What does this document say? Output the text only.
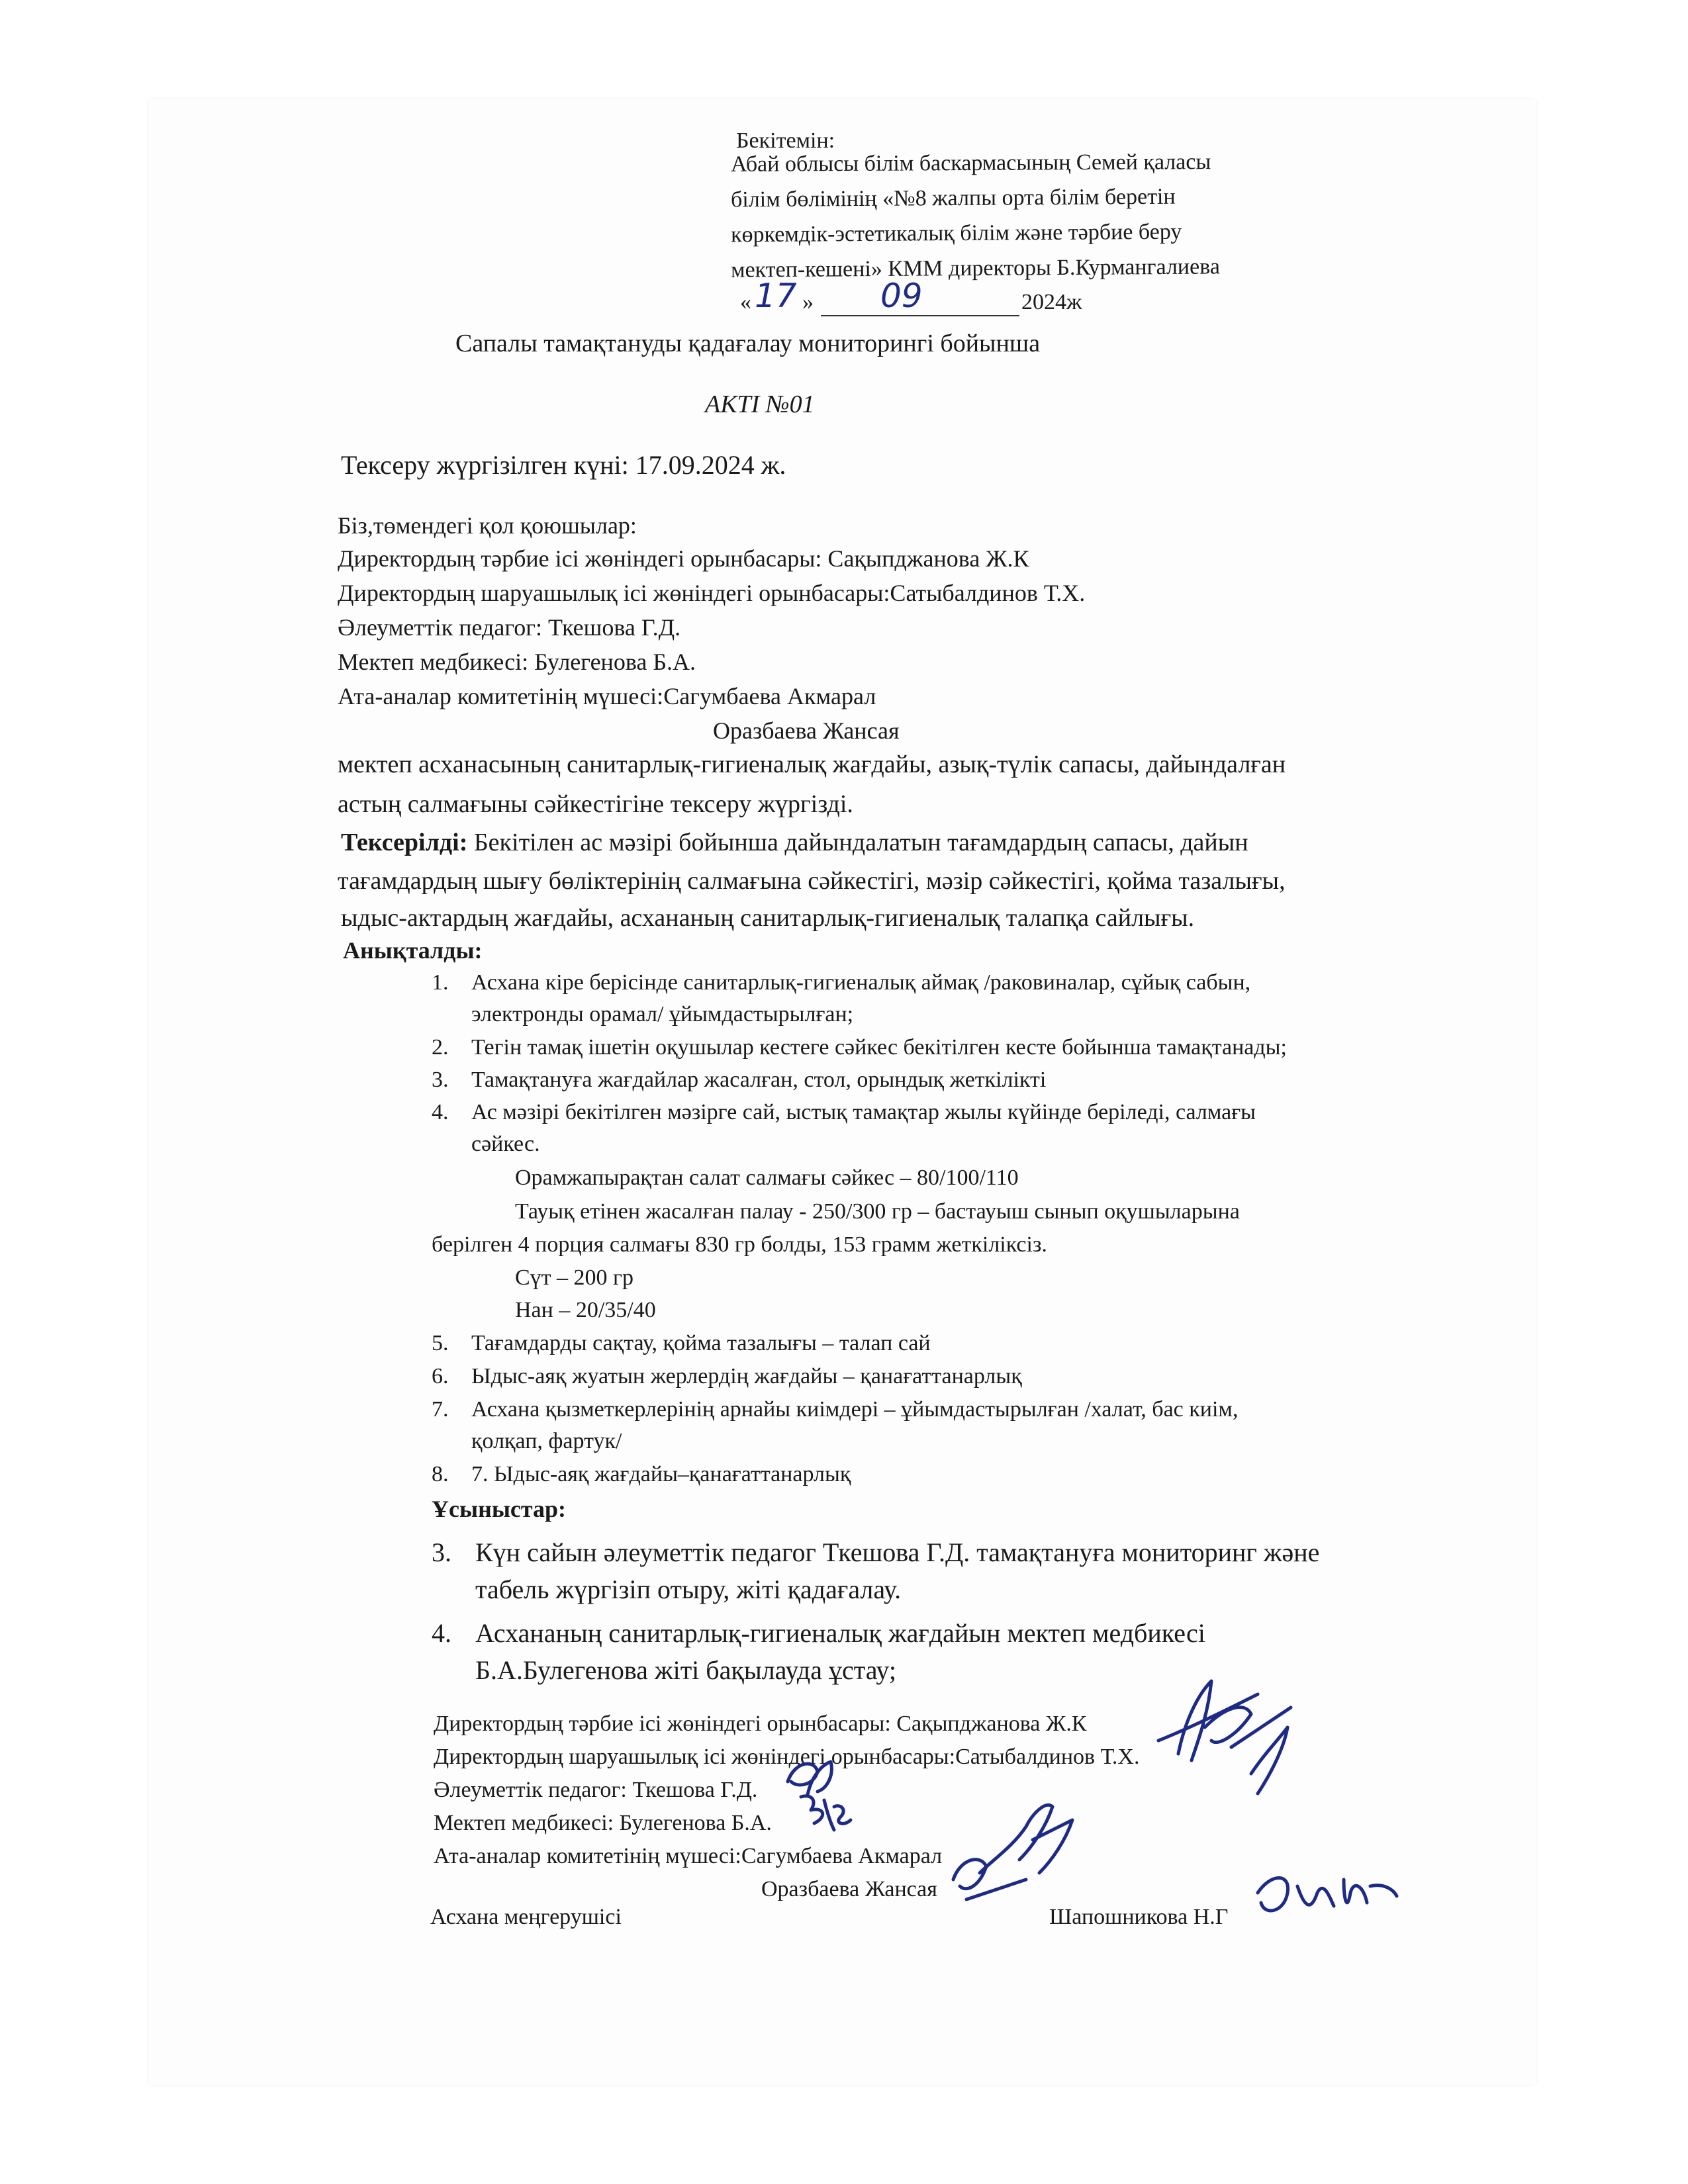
Бекітемін:
Абай облысы білім баскармасының Семей қаласы
білім бөлімінің «№8 жалпы орта білім беретін
көркемдік-эстетикалық білім және тәрбие беру
мектеп-кешені» КММ директоры Б.Курмангалиева
« 17 » 09	2024ж
Сапалы тамақтануды қадағалау мониторингі бойынша
АКТІ №01
Тексеру жүргізілген күні: 17.09.2024 ж.
Біз,төмендегі қол қоюшылар:
Директордың тәрбие ісі жөніндегі орынбасары: Сақыпджанова Ж.К
Директордың шаруашылық ісі жөніндегі орынбасары:Сатыбалдинов Т.Х.
Әлеуметтік педагог: Ткешова Г.Д.
Мектеп медбикесі: Булегенова Б.А.
Ата-аналар комитетінің мүшесі:Сагумбаева Акмарал
Оразбаева Жансая
мектеп асханасының санитарлық-гигиеналық жағдайы, азық-түлік сапасы, дайындалған
астың салмағыны сәйкестігіне тексеру жүргізді.
Тексерілді: Бекітілен ас мәзірі бойынша дайындалатын тағамдардың сапасы, дайын
тағамдардың шығу бөліктерінің салмағына сәйкестігі, мәзір сәйкестігі, қойма тазалығы,
ыдыс-актардың жағдайы, асхананың санитарлық-гигиеналық талапқа сайлығы.
Анықталды:
1. Асхана кіре берісінде санитарлық-гигиеналық аймақ /раковиналар, сұйық сабын,
электронды орамал/ ұйымдастырылған;
2. Тегін тамақ ішетін оқушылар кестеге сәйкес бекітілген кесте бойынша тамақтанады;
3. Тамақтануға жағдайлар жасалған, стол, орындық жеткілікті
4. Ас мәзірі бекітілген мәзірге сай, ыстық тамақтар жылы күйінде беріледі, салмағы
сәйкес.
Орамжапырақтан салат салмағы сәйкес – 80/100/110
Тауық етінен жасалған палау - 250/300 гр – бастауыш сынып оқушыларына
берілген 4 порция салмағы 830 гр болды, 153 грамм жеткіліксіз.
Сүт – 200 гр
Нан – 20/35/40
5. Тағамдарды сақтау, қойма тазалығы – талап сай
6. Ыдыс-аяқ жуатын жерлердің жағдайы – қанағаттанарлық
7. Асхана қызметкерлерінің арнайы киімдері – ұйымдастырылған /халат, бас киім,
қолқап, фартук/
8. 7. Ыдыс-аяқ жағдайы–қанағаттанарлық
Ұсыныстар:
3. Күн сайын әлеуметтік педагог Ткешова Г.Д. тамақтануға мониторинг және
табель жүргізіп отыру, жіті қадағалау.
4. Асхананың санитарлық-гигиеналық жағдайын мектеп медбикесі
Б.А.Булегенова жіті бақылауда ұстау;
Директордың тәрбие ісі жөніндегі орынбасары: Сақыпджанова Ж.К
Директордың шаруашылық ісі жөніндегі орынбасары:Сатыбалдинов Т.Х.
Әлеуметтік педагог: Ткешова Г.Д.
Мектеп медбикесі: Булегенова Б.А.
Ата-аналар комитетінің мүшесі:Сагумбаева Акмарал
Оразбаева Жансая
Асхана меңгерушісі	Шапошникова Н.Г
